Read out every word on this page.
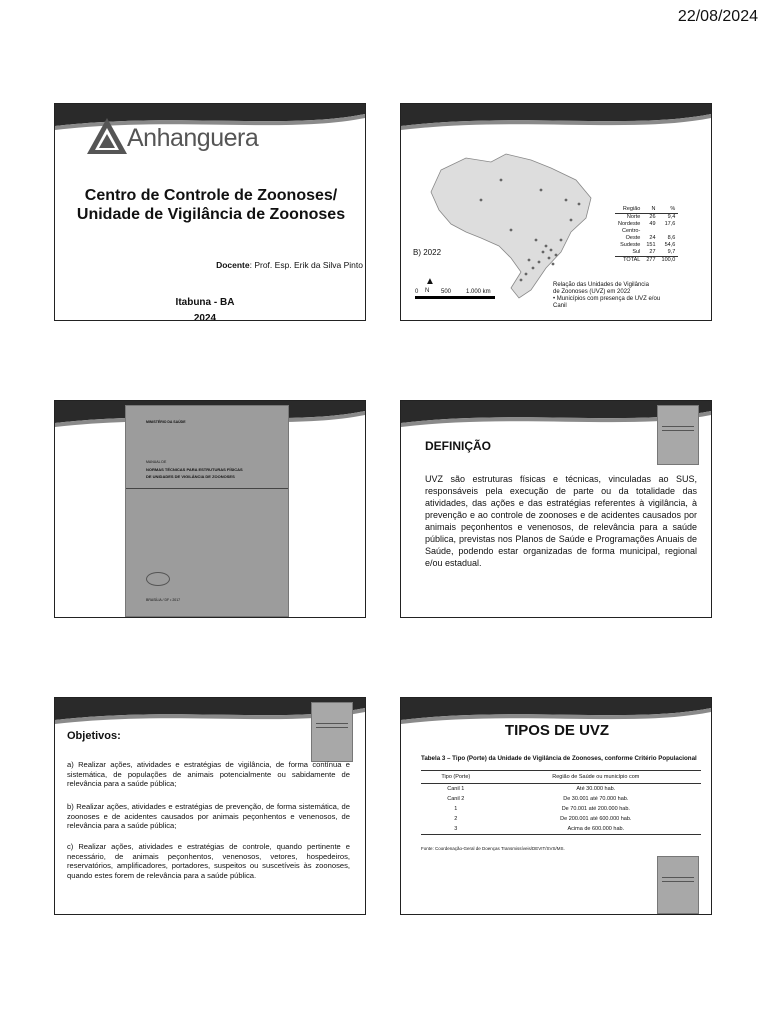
22/08/2024
Anhanguera
Centro de Controle de Zoonoses/ Unidade de Vigilância de Zoonoses
Docente: Prof. Esp. Erik da Silva Pinto
Itabuna - BA
2024
B) 2022
▲
N
0	500 1.000 km
Relação das Unidades de Vigilância de Zoonoses (UVZ) em 2022
• Municípios com presença de UVZ e/ou Canil
Região	N	%
Norte	26	9,4
Nordeste	49	17,6
Centro-		
Oeste	24	8,6
Sudeste	151	54,6
Sul	27	9,7
TOTAL	277	100,0
MINISTÉRIO DA SAÚDE
MANUAL DE
NORMAS TÉCNICAS PARA ESTRUTURAS FÍSICAS
DE UNIDADES DE VIGILÂNCIA DE ZOONOSES
BRASÍLIA / DF • 2017
DEFINIÇÃO
UVZ são estruturas físicas e técnicas, vinculadas ao SUS, responsáveis pela execução de parte ou da totalidade das atividades, das ações e das estratégias referentes à vigilância, à prevenção e ao controle de zoonoses e de acidentes causados por animais peçonhentos e venenosos, de relevância para a saúde pública, previstas nos Planos de Saúde e Programações Anuais de Saúde, podendo estar organizadas de forma municipal, regional e/ou estadual.
Objetivos:
a) Realizar ações, atividades e estratégias de vigilância, de forma contínua e sistemática, de populações de animais potencialmente ou sabidamente de relevância para a saúde pública;
b) Realizar ações, atividades e estratégias de prevenção, de forma sistemática, de zoonoses e de acidentes causados por animais peçonhentos e venenosos, de relevância para a saúde pública;
c) Realizar ações, atividades e estratégias de controle, quando pertinente e necessário, de animais peçonhentos, venenosos, vetores, hospedeiros, reservatórios, amplificadores, portadores, suspeitos ou suscetíveis às zoonoses, quando estes forem de relevância para a saúde pública.
TIPOS DE UVZ
Tabela 3 – Tipo (Porte) da Unidade de Vigilância de Zoonoses, conforme Critério Populacional
Tipo (Porte)	Região de Saúde ou município com
Canil 1	Até 30.000 hab.
Canil 2	De 30.001 até 70.000 hab.
1	De 70.001 até 200.000 hab.
2	De 200.001 até 600.000 hab.
3	Acima de 600.000 hab.
Fonte: Coordenação-Geral de Doenças Transmissíveis/DEVIT/SVS/MS.
